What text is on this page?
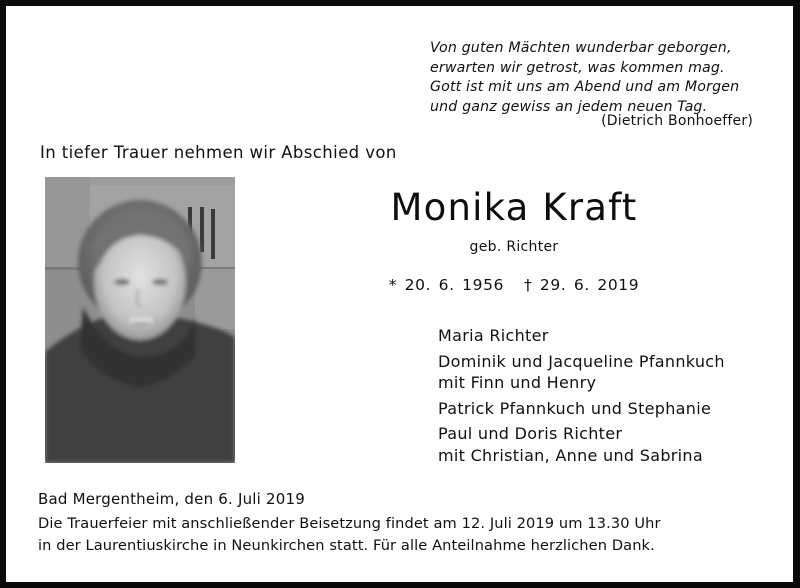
Von guten Mächten wunderbar geborgen,
erwarten wir getrost, was kommen mag.
Gott ist mit uns am Abend und am Morgen
und ganz gewiss an jedem neuen Tag.
(Dietrich Bonhoeffer)
In tiefer Trauer nehmen wir Abschied von
Monika Kraft
geb. Richter
* 20. 6. 1956 † 29. 6. 2019
Maria Richter
Dominik und Jacqueline Pfannkuch
mit Finn und Henry
Patrick Pfannkuch und Stephanie
Paul und Doris Richter
mit Christian, Anne und Sabrina
Bad Mergentheim, den 6. Juli 2019
Die Trauerfeier mit anschließender Beisetzung findet am 12. Juli 2019 um 13.30 Uhr
in der Laurentiuskirche in Neunkirchen statt. Für alle Anteilnahme herzlichen Dank.
